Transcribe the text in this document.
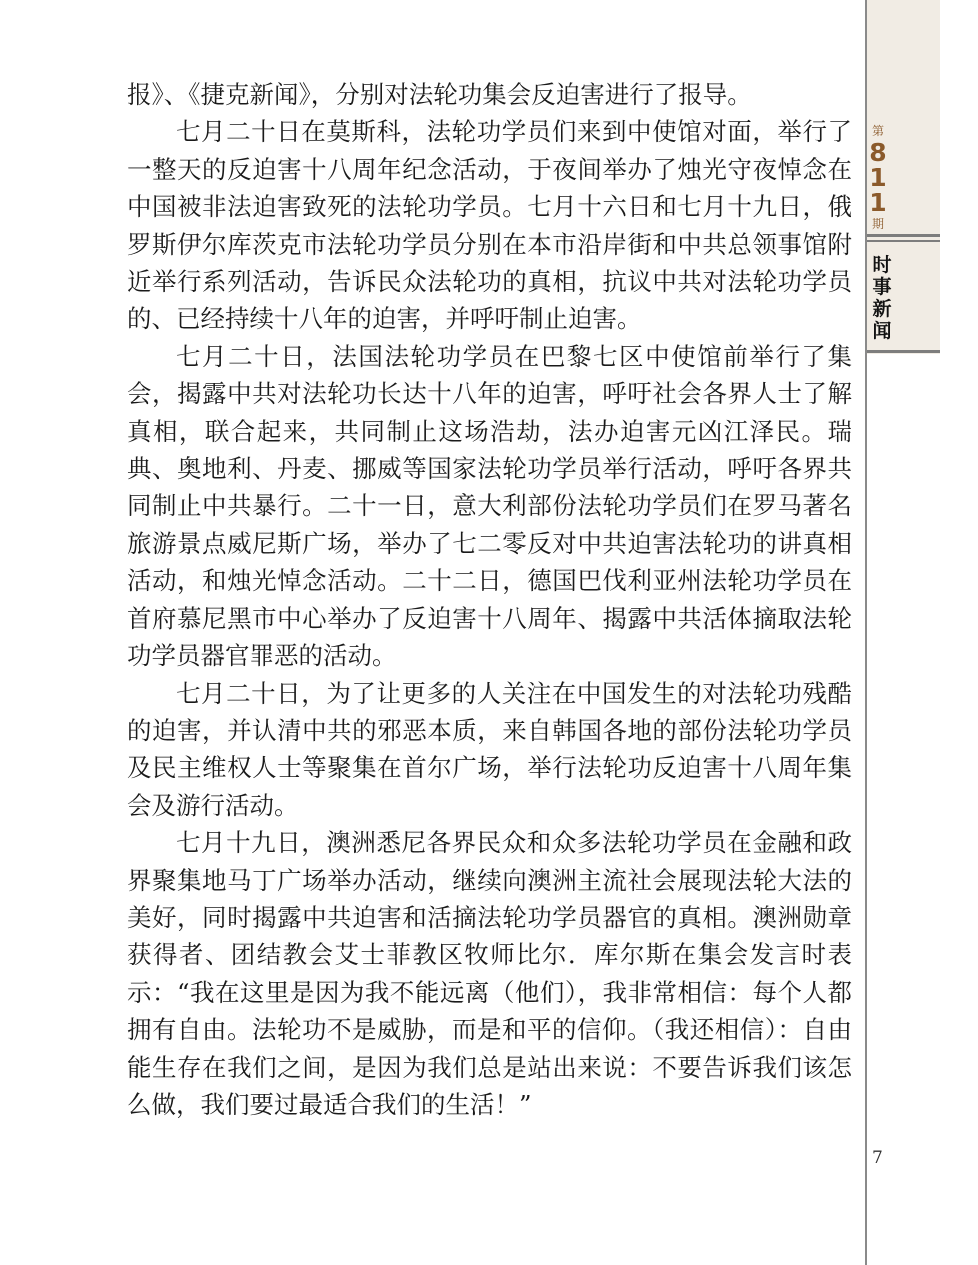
第
8
1
1
期
时
事
新
闻
7

报》、《捷克新闻》，分别对法轮功集会反迫害进行了报导。

七月二十日在莫斯科，法轮功学员们来到中使馆对面，举行了一整天的反迫害十八周年纪念活动，于夜间举办了烛光守夜悼念在中国被非法迫害致死的法轮功学员。七月十六日和七月十九日，俄罗斯伊尔库茨克市法轮功学员分别在本市沿岸街和中共总领事馆附近举行系列活动，告诉民众法轮功的真相，抗议中共对法轮功学员的、已经持续十八年的迫害，并呼吁制止迫害。

七月二十日，法国法轮功学员在巴黎七区中使馆前举行了集会，揭露中共对法轮功长达十八年的迫害，呼吁社会各界人士了解真相，联合起来，共同制止这场浩劫，法办迫害元凶江泽民。瑞典、奥地利、丹麦、挪威等国家法轮功学员举行活动，呼吁各界共同制止中共暴行。二十一日，意大利部份法轮功学员们在罗马著名旅游景点威尼斯广场，举办了七二零反对中共迫害法轮功的讲真相活动，和烛光悼念活动。二十二日，德国巴伐利亚州法轮功学员在首府慕尼黑市中心举办了反迫害十八周年、揭露中共活体摘取法轮功学员器官罪恶的活动。

七月二十日，为了让更多的人关注在中国发生的对法轮功残酷的迫害，并认清中共的邪恶本质，来自韩国各地的部份法轮功学员及民主维权人士等聚集在首尔广场，举行法轮功反迫害十八周年集会及游行活动。

七月十九日，澳洲悉尼各界民众和众多法轮功学员在金融和政界聚集地马丁广场举办活动，继续向澳洲主流社会展现法轮大法的美好，同时揭露中共迫害和活摘法轮功学员器官的真相。澳洲勋章获得者、团结教会艾士菲教区牧师比尔．库尔斯在集会发言时表示：“我在这里是因为我不能远离（他们），我非常相信：每个人都拥有自由。法轮功不是威胁，而是和平的信仰。（我还相信）：自由能生存在我们之间，是因为我们总是站出来说：不要告诉我们该怎么做，我们要过最适合我们的生活！”
